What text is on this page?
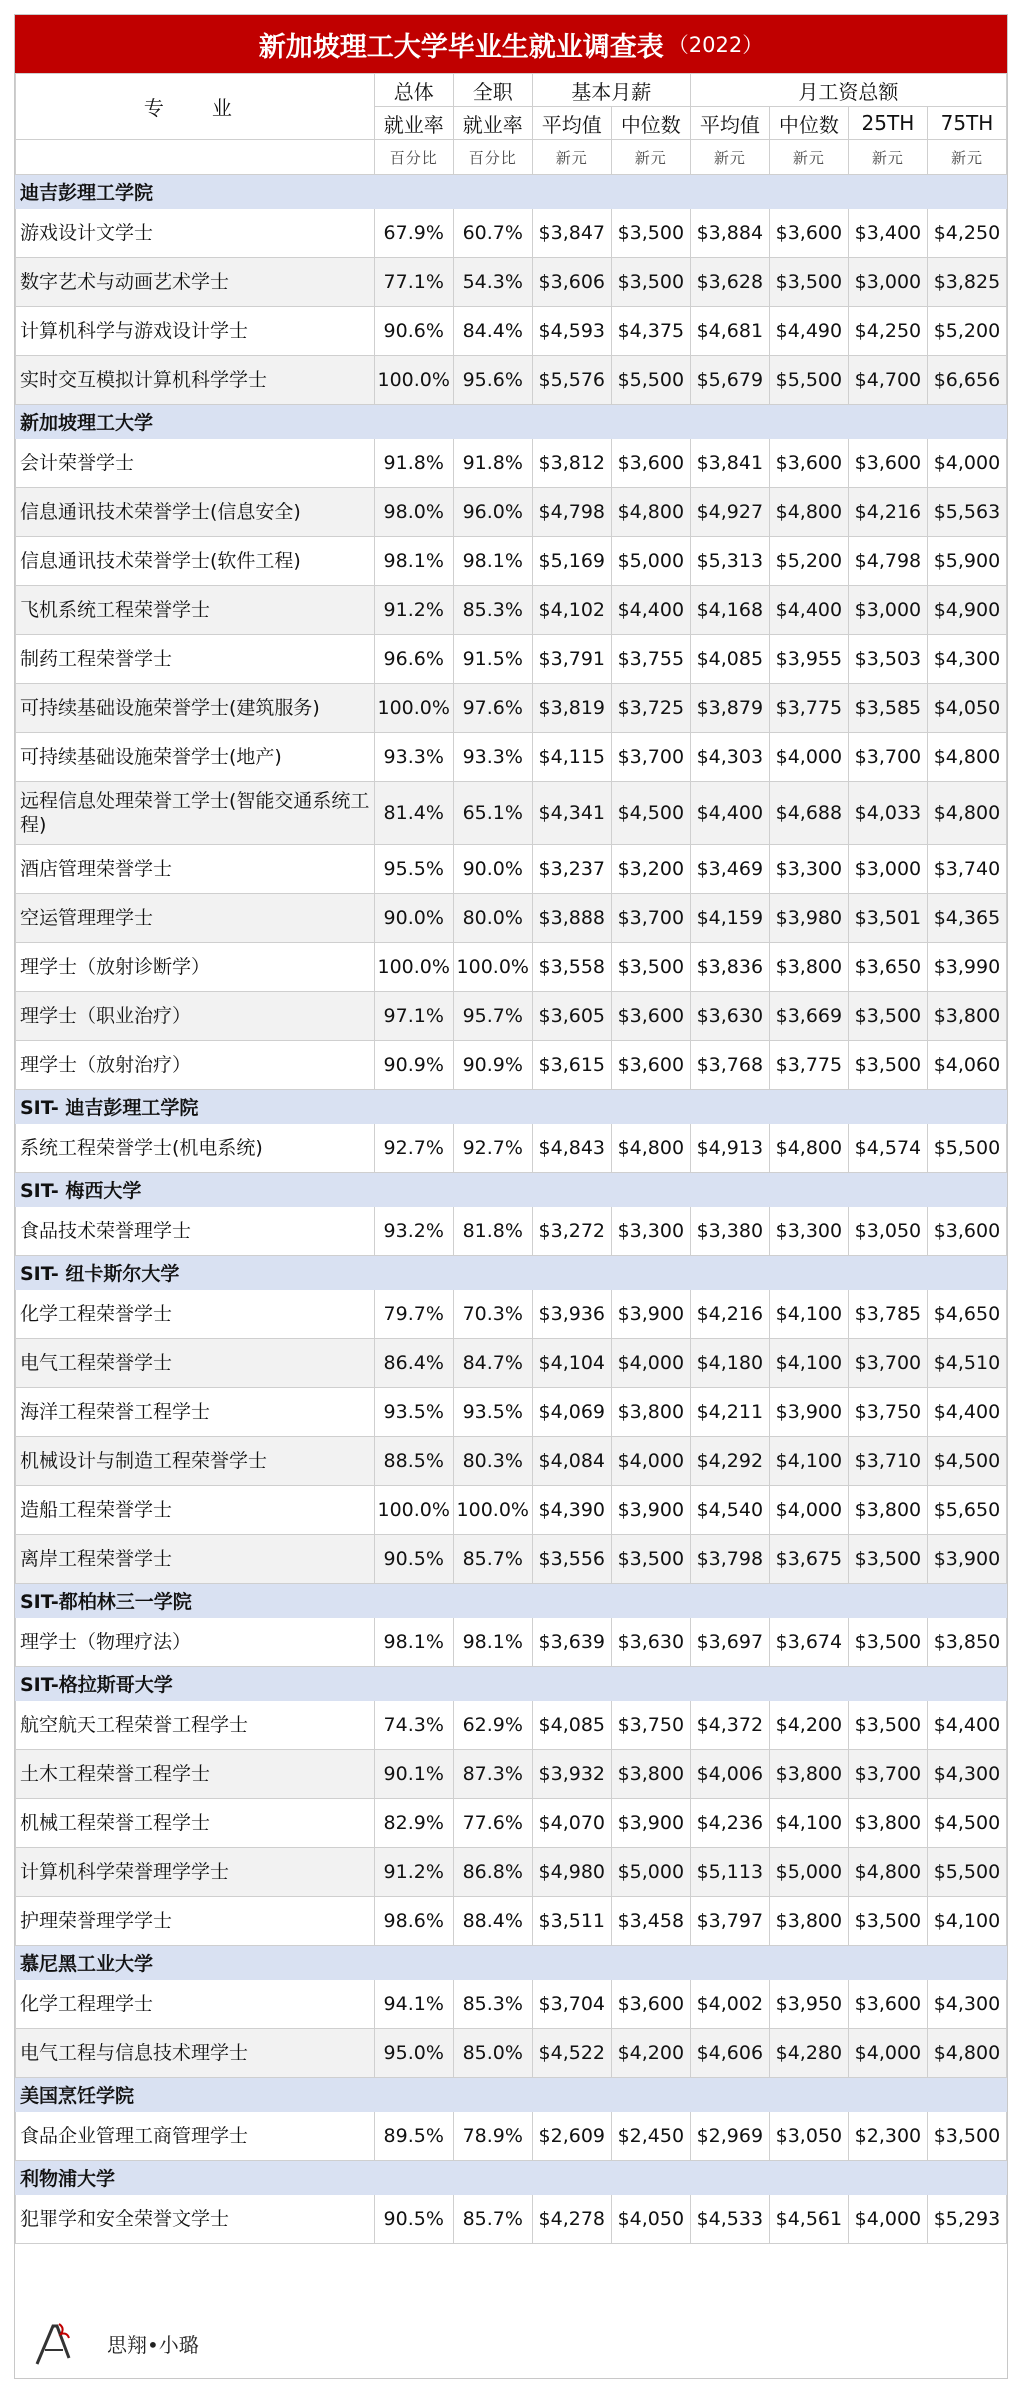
新加坡理工大学毕业生就业调查表 （2022）
专　业	总体	全职	基本月薪		月工资总额			
	就业率	就业率	平均值	中位数	平均值	中位数	25TH	75TH
	百分比	百分比	新元	新元	新元	新元	新元	新元
迪吉彭理工学院								
游戏设计文学士	67.9%	60.7%	$3,847	$3,500	$3,884	$3,600	$3,400	$4,250
数字艺术与动画艺术学士	77.1%	54.3%	$3,606	$3,500	$3,628	$3,500	$3,000	$3,825
计算机科学与游戏设计学士	90.6%	84.4%	$4,593	$4,375	$4,681	$4,490	$4,250	$5,200
实时交互模拟计算机科学学士	100.0%	95.6%	$5,576	$5,500	$5,679	$5,500	$4,700	$6,656
新加坡理工大学								
会计荣誉学士	91.8%	91.8%	$3,812	$3,600	$3,841	$3,600	$3,600	$4,000
信息通讯技术荣誉学士(信息安全)	98.0%	96.0%	$4,798	$4,800	$4,927	$4,800	$4,216	$5,563
信息通讯技术荣誉学士(软件工程)	98.1%	98.1%	$5,169	$5,000	$5,313	$5,200	$4,798	$5,900
飞机系统工程荣誉学士	91.2%	85.3%	$4,102	$4,400	$4,168	$4,400	$3,000	$4,900
制药工程荣誉学士	96.6%	91.5%	$3,791	$3,755	$4,085	$3,955	$3,503	$4,300
可持续基础设施荣誉学士(建筑服务)	100.0%	97.6%	$3,819	$3,725	$3,879	$3,775	$3,585	$4,050
可持续基础设施荣誉学士(地产)	93.3%	93.3%	$4,115	$3,700	$4,303	$4,000	$3,700	$4,800
远程信息处理荣誉工学士(智能交通系统工程)	81.4%	65.1%	$4,341	$4,500	$4,400	$4,688	$4,033	$4,800
酒店管理荣誉学士	95.5%	90.0%	$3,237	$3,200	$3,469	$3,300	$3,000	$3,740
空运管理理学士	90.0%	80.0%	$3,888	$3,700	$4,159	$3,980	$3,501	$4,365
理学士（放射诊断学）	100.0%	100.0%	$3,558	$3,500	$3,836	$3,800	$3,650	$3,990
理学士（职业治疗）	97.1%	95.7%	$3,605	$3,600	$3,630	$3,669	$3,500	$3,800
理学士（放射治疗）	90.9%	90.9%	$3,615	$3,600	$3,768	$3,775	$3,500	$4,060
SIT- 迪吉彭理工学院								
系统工程荣誉学士(机电系统)	92.7%	92.7%	$4,843	$4,800	$4,913	$4,800	$4,574	$5,500
SIT- 梅西大学								
食品技术荣誉理学士	93.2%	81.8%	$3,272	$3,300	$3,380	$3,300	$3,050	$3,600
SIT- 纽卡斯尔大学								
化学工程荣誉学士	79.7%	70.3%	$3,936	$3,900	$4,216	$4,100	$3,785	$4,650
电气工程荣誉学士	86.4%	84.7%	$4,104	$4,000	$4,180	$4,100	$3,700	$4,510
海洋工程荣誉工程学士	93.5%	93.5%	$4,069	$3,800	$4,211	$3,900	$3,750	$4,400
机械设计与制造工程荣誉学士	88.5%	80.3%	$4,084	$4,000	$4,292	$4,100	$3,710	$4,500
造船工程荣誉学士	100.0%	100.0%	$4,390	$3,900	$4,540	$4,000	$3,800	$5,650
离岸工程荣誉学士	90.5%	85.7%	$3,556	$3,500	$3,798	$3,675	$3,500	$3,900
SIT-都柏林三一学院								
理学士（物理疗法）	98.1%	98.1%	$3,639	$3,630	$3,697	$3,674	$3,500	$3,850
SIT-格拉斯哥大学								
航空航天工程荣誉工程学士	74.3%	62.9%	$4,085	$3,750	$4,372	$4,200	$3,500	$4,400
土木工程荣誉工程学士	90.1%	87.3%	$3,932	$3,800	$4,006	$3,800	$3,700	$4,300
机械工程荣誉工程学士	82.9%	77.6%	$4,070	$3,900	$4,236	$4,100	$3,800	$4,500
计算机科学荣誉理学学士	91.2%	86.8%	$4,980	$5,000	$5,113	$5,000	$4,800	$5,500
护理荣誉理学学士	98.6%	88.4%	$3,511	$3,458	$3,797	$3,800	$3,500	$4,100
慕尼黑工业大学								
化学工程理学士	94.1%	85.3%	$3,704	$3,600	$4,002	$3,950	$3,600	$4,300
电气工程与信息技术理学士	95.0%	85.0%	$4,522	$4,200	$4,606	$4,280	$4,000	$4,800
美国烹饪学院								
食品企业管理工商管理学士	89.5%	78.9%	$2,609	$2,450	$2,969	$3,050	$2,300	$3,500
利物浦大学								
犯罪学和安全荣誉文学士	90.5%	85.7%	$4,278	$4,050	$4,533	$4,561	$4,000	$5,293
思翔•小璐
